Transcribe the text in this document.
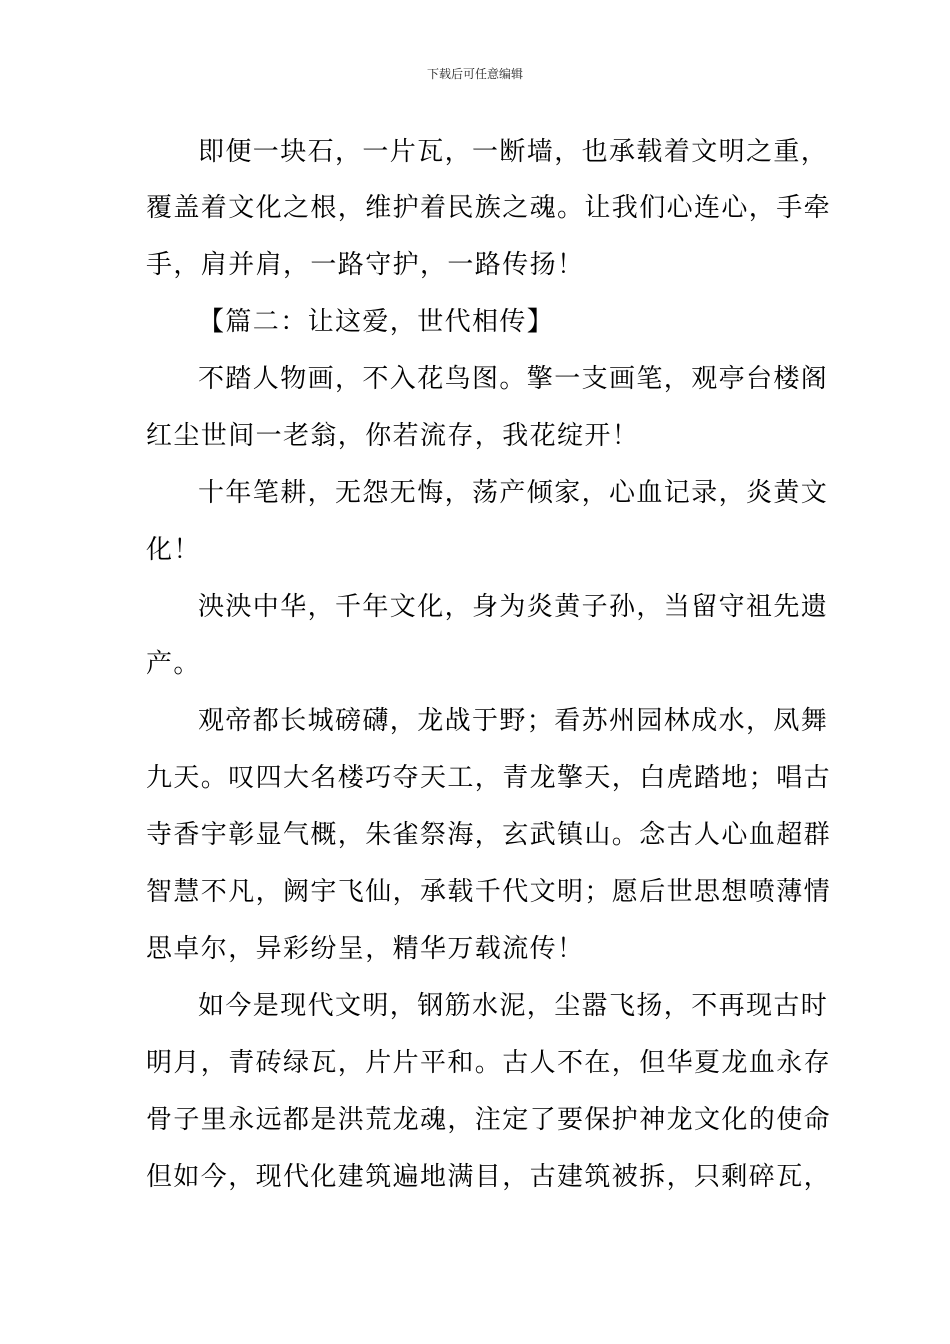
下载后可任意编辑
即便一块石，一片瓦，一断墙，也承载着文明之重，
覆盖着文化之根，维护着民族之魂。让我们心连心，手牵
手，肩并肩，一路守护，一路传扬！
【篇二：让这爱，世代相传】
不踏人物画，不入花鸟图。擎一支画笔，观亭台楼阁
红尘世间一老翁，你若流存，我花绽开！
十年笔耕，无怨无悔，荡产倾家，心血记录，炎黄文
化！
泱泱中华，千年文化，身为炎黄子孙，当留守祖先遗
产。
观帝都长城磅礴，龙战于野；看苏州园林成水，凤舞
九天。叹四大名楼巧夺天工，青龙擎天，白虎踏地；唱古
寺香宇彰显气概，朱雀祭海，玄武镇山。念古人心血超群
智慧不凡，阙宇飞仙，承载千代文明；愿后世思想喷薄情
思卓尔，异彩纷呈，精华万载流传！
如今是现代文明，钢筋水泥，尘嚣飞扬，不再现古时
明月，青砖绿瓦，片片平和。古人不在，但华夏龙血永存
骨子里永远都是洪荒龙魂，注定了要保护神龙文化的使命
但如今，现代化建筑遍地满目，古建筑被拆，只剩碎瓦，
